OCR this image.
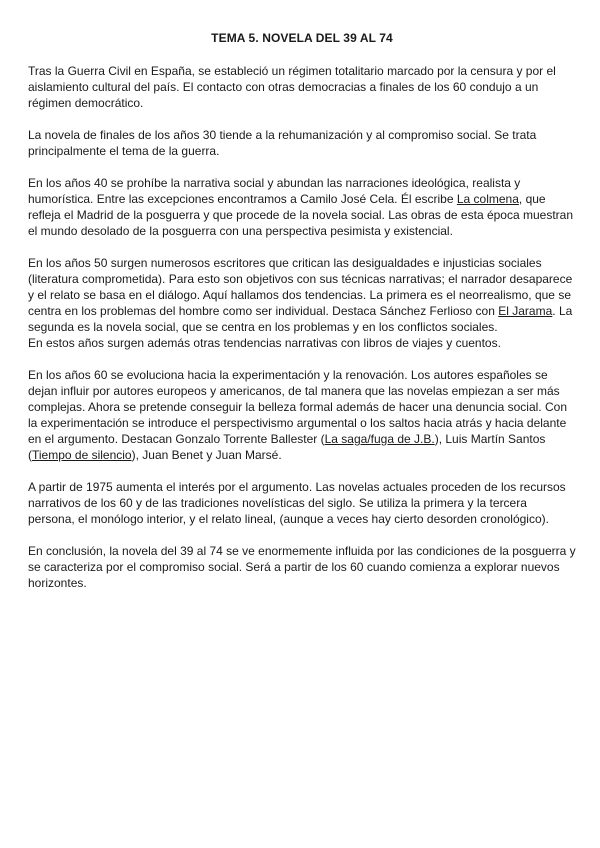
TEMA 5. NOVELA DEL 39 AL 74

Tras la Guerra Civil en España, se estableció un régimen totalitario marcado por la censura y por el aislamiento cultural del país. El contacto con otras democracias a finales de los 60 condujo a un régimen democrático.

La novela de finales de los años 30 tiende a la rehumanización y al compromiso social. Se trata principalmente el tema de la guerra.

En los años 40 se prohíbe la narrativa social y abundan las narraciones ideológica, realista y humorística. Entre las excepciones encontramos a Camilo José Cela. Él escribe La colmena, que refleja el Madrid de la posguerra y que procede de la novela social. Las obras de esta época muestran el mundo desolado de la posguerra con una perspectiva pesimista y existencial.

En los años 50 surgen numerosos escritores que critican las desigualdades e injusticias sociales (literatura comprometida). Para esto son objetivos con sus técnicas narrativas; el narrador desaparece y el relato se basa en el diálogo. Aquí hallamos dos tendencias. La primera es el neorrealismo, que se centra en los problemas del hombre como ser individual. Destaca Sánchez Ferlioso con El Jarama. La segunda es la novela social, que se centra en los problemas y en los conflictos sociales.

En estos años surgen además otras tendencias narrativas con libros de viajes y cuentos.

En los años 60 se evoluciona hacia la experimentación y la renovación. Los autores españoles se dejan influir por autores europeos y americanos, de tal manera que las novelas empiezan a ser más complejas. Ahora se pretende conseguir la belleza formal además de hacer una denuncia social. Con la experimentación se introduce el perspectivismo argumental o los saltos hacia atrás y hacia delante en el argumento. Destacan Gonzalo Torrente Ballester (La saga/fuga de J.B.), Luis Martín Santos (Tiempo de silencio), Juan Benet y Juan Marsé.

A partir de 1975 aumenta el interés por el argumento. Las novelas actuales proceden de los recursos narrativos de los 60 y de las tradiciones novelísticas del siglo. Se utiliza la primera y la tercera persona, el monólogo interior, y el relato lineal, (aunque a veces hay cierto desorden cronológico).

En conclusión, la novela del 39 al 74 se ve enormemente influida por las condiciones de la posguerra y se caracteriza por el compromiso social. Será a partir de los 60 cuando comienza a explorar nuevos horizontes.
